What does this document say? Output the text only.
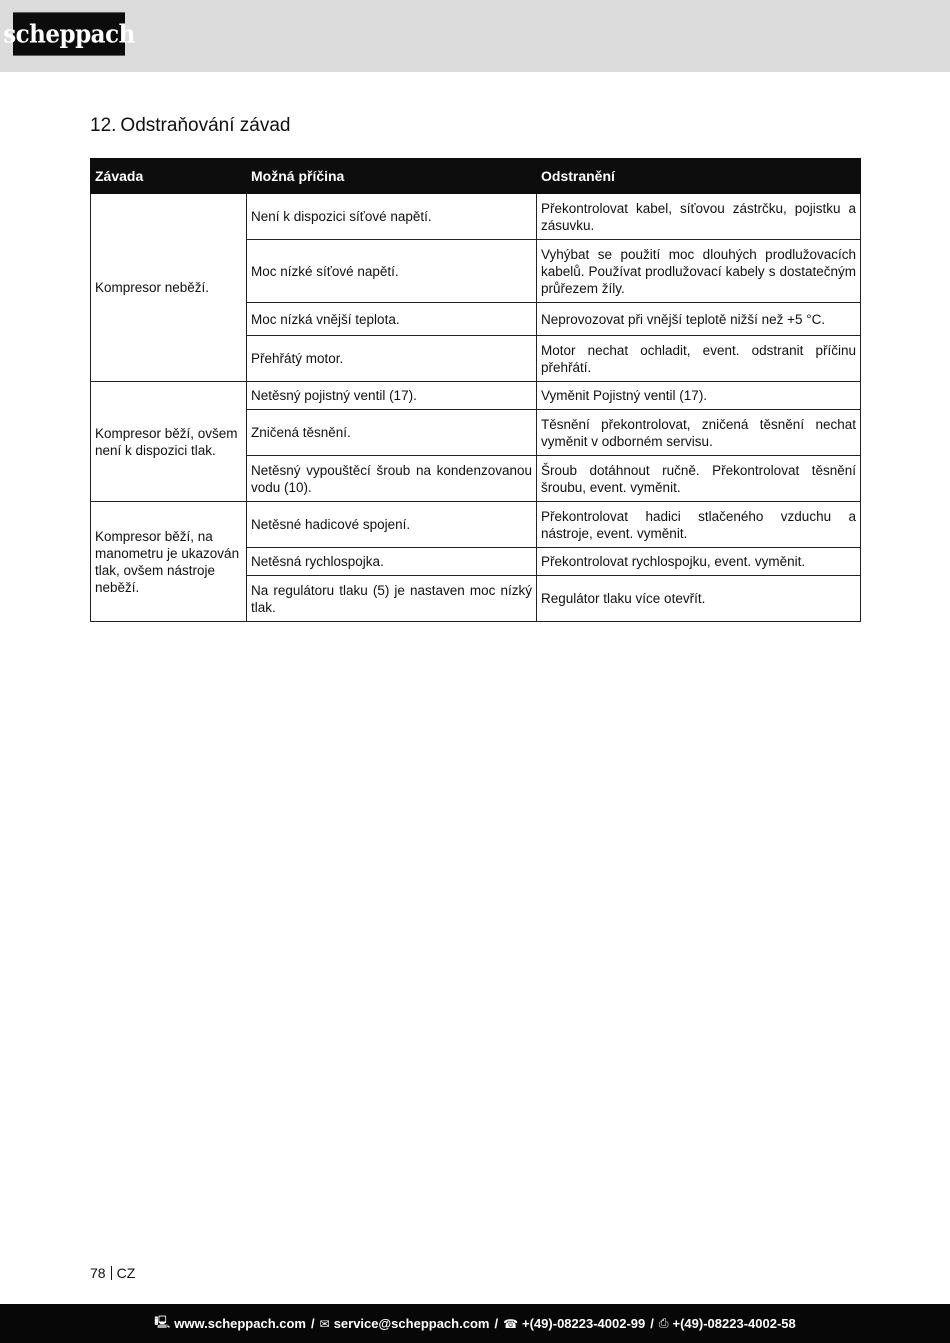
scheppach
12. Odstraňování závad
Závada	Možná příčina	Odstranění
Kompresor neběží.	Není k dispozici síťové napětí.	Překontrolovat kabel, síťovou zástrčku, pojistku a zásuvku.
	Moc nízké síťové napětí.	Vyhýbat se použití moc dlouhých prodlužovacích kabelů. Používat prodlužovací kabely s dostatečným průřezem žíly.
	Moc nízká vnější teplota.	Neprovozovat při vnější teplotě nižší než +5 °C.
	Přehřátý motor.	Motor nechat ochladit, event. odstranit příčinu přehřátí.
Kompresor běží, ovšem není k dispozici tlak.	Netěsný pojistný ventil (17).	Vyměnit Pojistný ventil (17).
	Zničená těsnění.	Těsnění překontrolovat, zničená těsnění nechat vyměnit v odborném servisu.
	Netěsný vypouštěcí šroub na kondenzovanou vodu (10).	Šroub dotáhnout ručně. Překontrolovat těsnění šroubu, event. vyměnit.
Kompresor běží, na manometru je ukazován tlak, ovšem nástroje neběží.	Netěsné hadicové spojení.	Překontrolovat hadici stlačeného vzduchu a nástroje, event. vyměnit.
	Netěsná rychlospojka.	Překontrolovat rychlospojku, event. vyměnit.
	Na regulátoru tlaku (5) je nastaven moc nízký tlak.	Regulátor tlaku více otevřít.
78 CZ
🖳︎ www.scheppach.com / ✉︎ service@scheppach.com / ☎︎ +(49)-08223-4002-99 / ⎙ +(49)-08223-4002-58
